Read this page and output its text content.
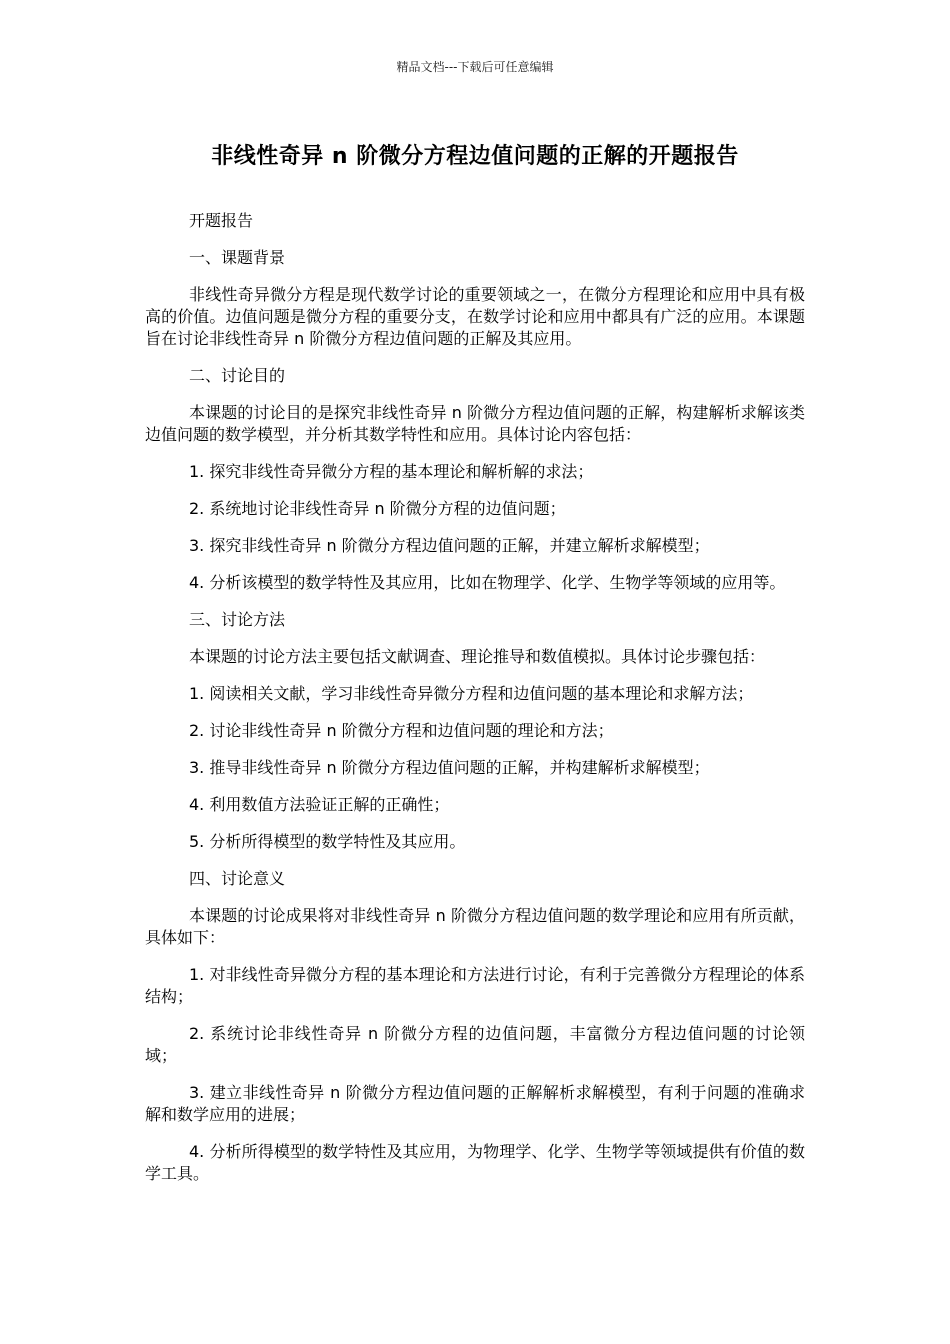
精品文档---下载后可任意编辑
非线性奇异 n 阶微分方程边值问题的正解的开题报告

开题报告

一、课题背景

非线性奇异微分方程是现代数学讨论的重要领域之一，在微分方程理论和应用中具有极高的价值。边值问题是微分方程的重要分支，在数学讨论和应用中都具有广泛的应用。本课题旨在讨论非线性奇异 n 阶微分方程边值问题的正解及其应用。

二、讨论目的

本课题的讨论目的是探究非线性奇异 n 阶微分方程边值问题的正解，构建解析求解该类边值问题的数学模型，并分析其数学特性和应用。具体讨论内容包括：

1. 探究非线性奇异微分方程的基本理论和解析解的求法；

2. 系统地讨论非线性奇异 n 阶微分方程的边值问题；

3. 探究非线性奇异 n 阶微分方程边值问题的正解，并建立解析求解模型；

4. 分析该模型的数学特性及其应用，比如在物理学、化学、生物学等领域的应用等。

三、讨论方法

本课题的讨论方法主要包括文献调查、理论推导和数值模拟。具体讨论步骤包括：

1. 阅读相关文献，学习非线性奇异微分方程和边值问题的基本理论和求解方法；

2. 讨论非线性奇异 n 阶微分方程和边值问题的理论和方法；

3. 推导非线性奇异 n 阶微分方程边值问题的正解，并构建解析求解模型；

4. 利用数值方法验证正解的正确性；

5. 分析所得模型的数学特性及其应用。

四、讨论意义

本课题的讨论成果将对非线性奇异 n 阶微分方程边值问题的数学理论和应用有所贡献，具体如下：

1. 对非线性奇异微分方程的基本理论和方法进行讨论，有利于完善微分方程理论的体系结构；

2. 系统讨论非线性奇异 n 阶微分方程的边值问题，丰富微分方程边值问题的讨论领域；

3. 建立非线性奇异 n 阶微分方程边值问题的正解解析求解模型，有利于问题的准确求解和数学应用的进展；

4. 分析所得模型的数学特性及其应用，为物理学、化学、生物学等领域提供有价值的数学工具。
